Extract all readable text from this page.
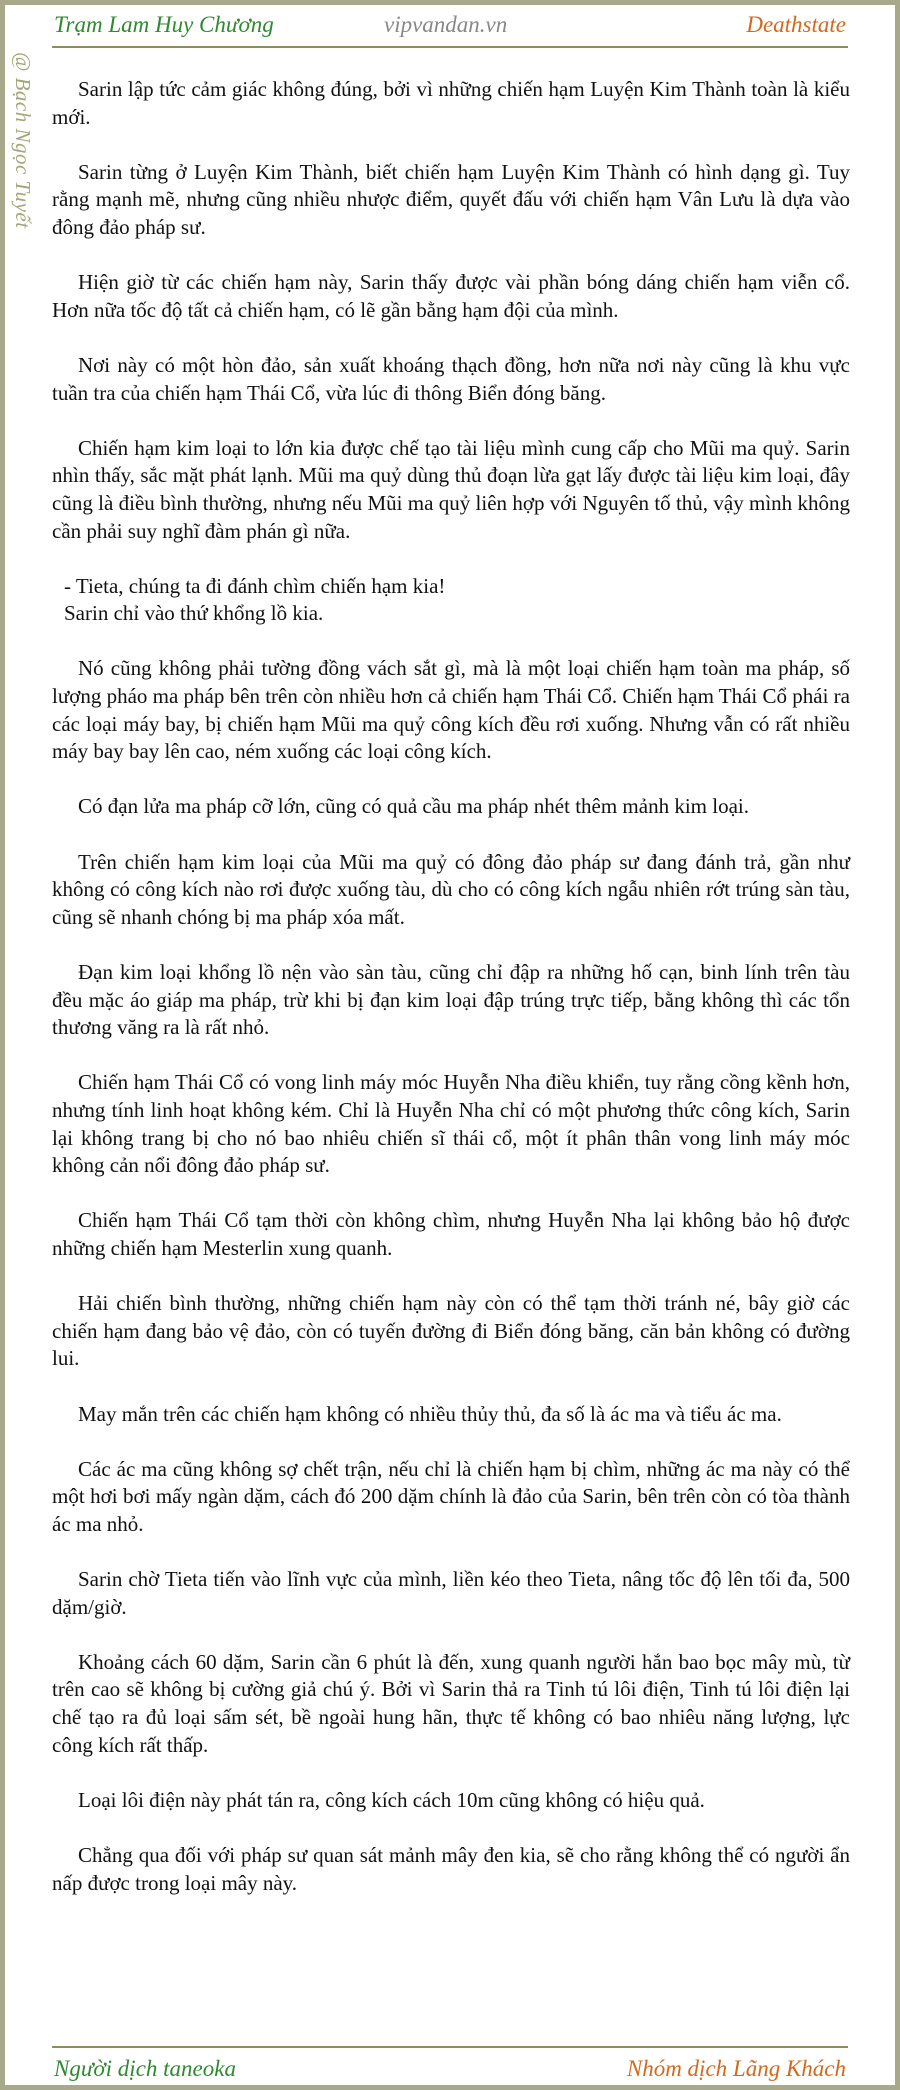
Trạm Lam Huy Chương	vipvandan.vn	Deathstate
@ Bạch Ngọc Tuyết	Sarin lập tức cảm giác không đúng, bởi vì những chiến hạm Luyện Kim Thành toàn là kiểu mới.

Sarin từng ở Luyện Kim Thành, biết chiến hạm Luyện Kim Thành có hình dạng gì. Tuy rằng mạnh mẽ, nhưng cũng nhiều nhược điểm, quyết đấu với chiến hạm Vân Lưu là dựa vào đông đảo pháp sư.

Hiện giờ từ các chiến hạm này, Sarin thấy được vài phần bóng dáng chiến hạm viễn cổ. Hơn nữa tốc độ tất cả chiến hạm, có lẽ gần bằng hạm đội của mình.

Nơi này có một hòn đảo, sản xuất khoáng thạch đồng, hơn nữa nơi này cũng là khu vực tuần tra của chiến hạm Thái Cổ, vừa lúc đi thông Biển đóng băng.

Chiến hạm kim loại to lớn kia được chế tạo tài liệu mình cung cấp cho Mũi ma quỷ. Sarin nhìn thấy, sắc mặt phát lạnh. Mũi ma quỷ dùng thủ đoạn lừa gạt lấy được tài liệu kim loại, đây cũng là điều bình thường, nhưng nếu Mũi ma quỷ liên hợp với Nguyên tố thủ, vậy mình không cần phải suy nghĩ đàm phán gì nữa.

- Tieta, chúng ta đi đánh chìm chiến hạm kia!

Sarin chỉ vào thứ khổng lồ kia.

Nó cũng không phải tường đồng vách sắt gì, mà là một loại chiến hạm toàn ma pháp, số lượng pháo ma pháp bên trên còn nhiều hơn cả chiến hạm Thái Cổ. Chiến hạm Thái Cổ phái ra các loại máy bay, bị chiến hạm Mũi ma quỷ công kích đều rơi xuống. Nhưng vẫn có rất nhiều máy bay bay lên cao, ném xuống các loại công kích.

Có đạn lửa ma pháp cỡ lớn, cũng có quả cầu ma pháp nhét thêm mảnh kim loại.

Trên chiến hạm kim loại của Mũi ma quỷ có đông đảo pháp sư đang đánh trả, gần như không có công kích nào rơi được xuống tàu, dù cho có công kích ngẫu nhiên rớt trúng sàn tàu, cũng sẽ nhanh chóng bị ma pháp xóa mất.

Đạn kim loại khổng lồ nện vào sàn tàu, cũng chỉ đập ra những hố cạn, binh lính trên tàu đều mặc áo giáp ma pháp, trừ khi bị đạn kim loại đập trúng trực tiếp, bằng không thì các tổn thương văng ra là rất nhỏ.

Chiến hạm Thái Cổ có vong linh máy móc Huyễn Nha điều khiển, tuy rằng cồng kềnh hơn, nhưng tính linh hoạt không kém. Chỉ là Huyễn Nha chỉ có một phương thức công kích, Sarin lại không trang bị cho nó bao nhiêu chiến sĩ thái cổ, một ít phân thân vong linh máy móc không cản nổi đông đảo pháp sư.

Chiến hạm Thái Cổ tạm thời còn không chìm, nhưng Huyễn Nha lại không bảo hộ được những chiến hạm Mesterlin xung quanh.

Hải chiến bình thường, những chiến hạm này còn có thể tạm thời tránh né, bây giờ các chiến hạm đang bảo vệ đảo, còn có tuyến đường đi Biển đóng băng, căn bản không có đường lui.

May mắn trên các chiến hạm không có nhiều thủy thủ, đa số là ác ma và tiểu ác ma.

Các ác ma cũng không sợ chết trận, nếu chỉ là chiến hạm bị chìm, những ác ma này có thể một hơi bơi mấy ngàn dặm, cách đó 200 dặm chính là đảo của Sarin, bên trên còn có tòa thành ác ma nhỏ.

Sarin chờ Tieta tiến vào lĩnh vực của mình, liền kéo theo Tieta, nâng tốc độ lên tối đa, 500 dặm/giờ.

Khoảng cách 60 dặm, Sarin cần 6 phút là đến, xung quanh người hắn bao bọc mây mù, từ trên cao sẽ không bị cường giả chú ý. Bởi vì Sarin thả ra Tinh tú lôi điện, Tinh tú lôi điện lại chế tạo ra đủ loại sấm sét, bề ngoài hung hãn, thực tế không có bao nhiêu năng lượng, lực công kích rất thấp.

Loại lôi điện này phát tán ra, công kích cách 10m cũng không có hiệu quả.

Chẳng qua đối với pháp sư quan sát mảnh mây đen kia, sẽ cho rằng không thể có người ẩn nấp được trong loại mây này.

Người dịch taneoka	Nhóm dịch Lãng Khách
